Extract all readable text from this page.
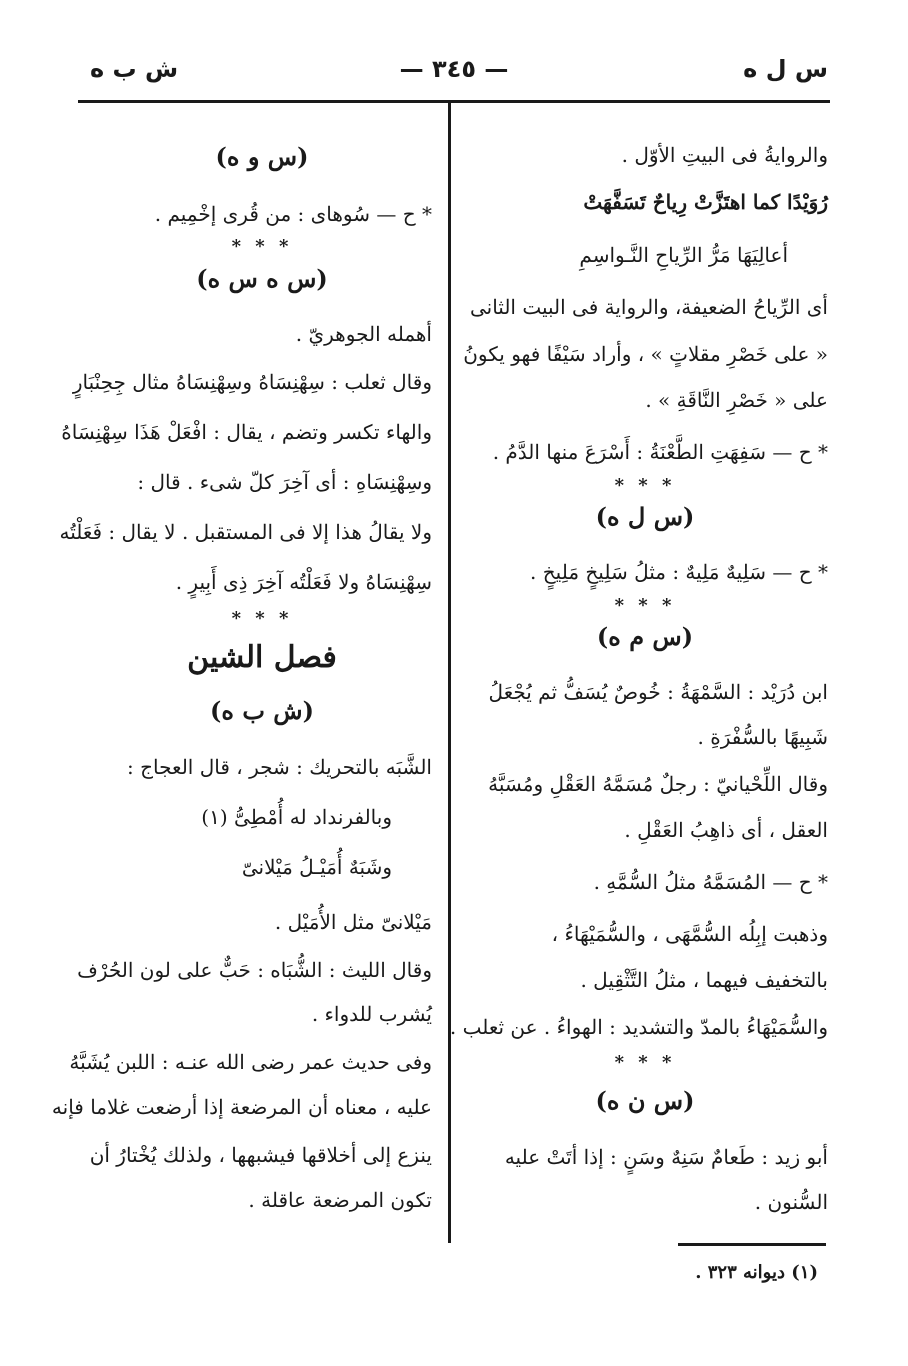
س ل ه
— ٣٤٥ —
ش ب ه
والروايةُ فى البيتِ الأوّل .
رُوَيْدًا كما اهتَزَّتْ رِياحٌ تَسَفَّهَتْ
أعالِيَهَا مَرُّ الرِّياحِ النَّـواسِمِ
أى الرِّياحُ الضعيفة، والرواية فى البيت الثانى
« على خَصْرِ مقلاتٍ » ، وأراد سَيْفًا فهو يكونُ
على « خَصْرِ النَّاقَةِ » .
* ح — سَفِهَتِ الطَّعْنَةُ : أَسْرَعَ منها الدَّمُ .
* * *
(س ل ه)
* ح — سَلِيهٌ مَلِيهٌ : مثلُ سَلِيخٍ مَلِيخٍ .
* * *
(س م ه)
ابن دُرَيْد : السَّمْهَةُ : خُوصٌ يُسَفُّ ثم يُجْعَلُ
شَبِيهًا بالسُّفْرَةِ .
وقال اللِّحْيانيّ : رجلٌ مُسَمَّهُ العَقْلِ ومُسَبَّهُ
العقل ، أى ذاهِبُ العَقْلِ .
* ح — المُسَمَّهُ مثلُ السُّمَّهِ .
وذهبت إبِلُه السُّمَّهَى ، والسُّمَيْهَاءُ ،
بالتخفيف فيهما ، مثلُ التَّثْقِيل .
والسُّمَيْهَاءُ بالمدّ والتشديد : الهواءُ . عن ثعلب .
* * *
(س ن ه)
أبو زيد : طَعامٌ سَنِهٌ وسَنٍ : إذا أتَتْ عليه
السُّنون .
(س و ه)
* ح — سُوهاى : من قُرى إخْمِيم .
* * *
(س ه س ه)
أهمله الجوهريّ .
وقال ثعلب : سِهْنِسَاهُ وسِهْنِسَاهُ مثال جِحِنْبَارٍ
والهاء تكسر وتضم ، يقال : افْعَلْ هَذَا سِهْنِسَاهُ
وسِهْنِسَاهِ : أى آخِرَ كلّ شىء . قال :
ولا يقالُ هذا إلا فى المستقبل . لا يقال : فَعَلْتُه
سِهْنِسَاهُ ولا فَعَلْتُه آخِرَ ذِى أَبِيرٍ .
* * *
فصل الشين
(ش ب ه)
الشَّبَه بالتحريك : شجر ، قال العجاج :
وبالفرنداد له أُمْطِىُّ (١)
وشَبَهٌ أُمَيْـلُ مَيْلانىّ
مَيْلانىّ مثل الأُمَيْل .
وقال الليث : الشُّبَاه : حَبٌّ على لون الحُرْف
يُشرب للدواء .
وفى حديث عمر رضى الله عنـه : اللبن يُشَبَّهُ
عليه ، معناه أن المرضعة إذا أرضعت غلاما فإنه
ينزع إلى أخلاقها فيشبهها ، ولذلك يُخْتارُ أن
تكون المرضعة عاقلة .
(١) ديوانه ٣٢٣ .
